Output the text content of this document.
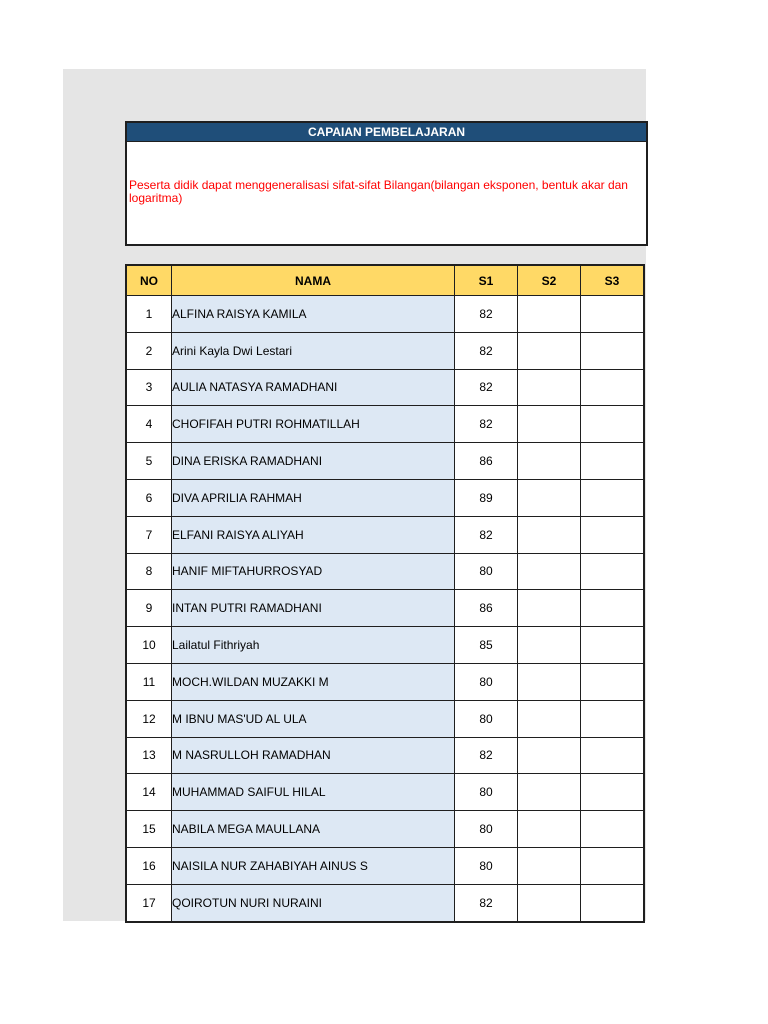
CAPAIAN PEMBELAJARAN
Peserta didik dapat menggeneralisasi sifat-sifat Bilangan(bilangan eksponen, bentuk akar dan logaritma)
NO	NAMA	S1	S2	S3
1	ALFINA RAISYA KAMILA	82		
2	Arini Kayla Dwi Lestari	82		
3	AULIA NATASYA RAMADHANI	82		
4	CHOFIFAH PUTRI ROHMATILLAH	82		
5	DINA ERISKA RAMADHANI	86		
6	DIVA APRILIA RAHMAH	89		
7	ELFANI RAISYA ALIYAH	82		
8	HANIF MIFTAHURROSYAD	80		
9	INTAN PUTRI RAMADHANI	86		
10	Lailatul Fithriyah	85		
11	MOCH.WILDAN MUZAKKI M	80		
12	M IBNU MAS'UD AL ULA	80		
13	M NASRULLOH RAMADHAN	82		
14	MUHAMMAD SAIFUL HILAL	80		
15	NABILA MEGA MAULLANA	80		
16	NAISILA NUR ZAHABIYAH AINUS S	80		
17	QOIROTUN NURI NURAINI	82		
